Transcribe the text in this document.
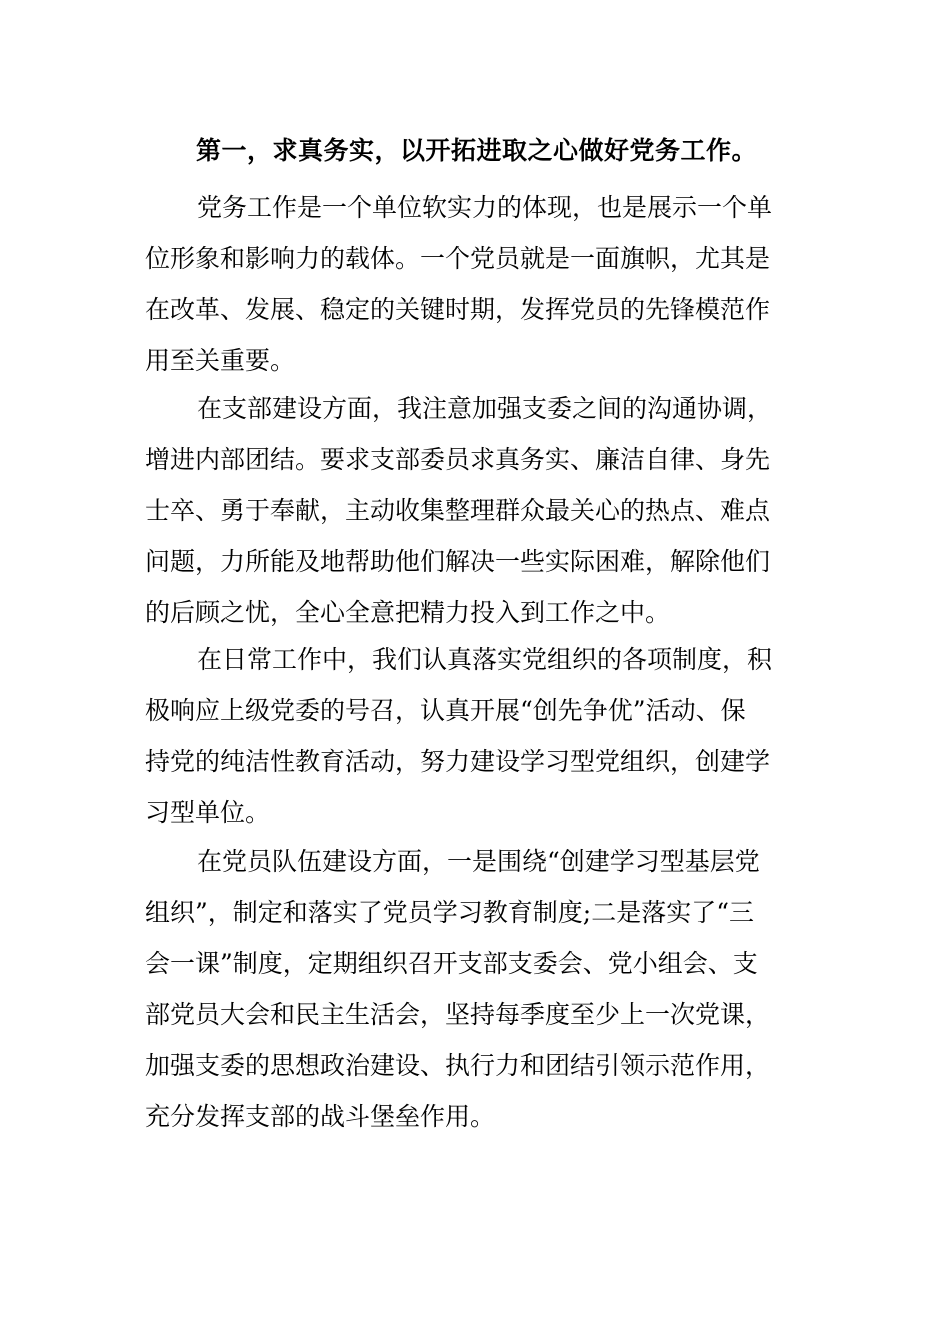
第一，求真务实，以开拓进取之心做好党务工作。
党务工作是一个单位软实力的体现，也是展示一个单
位形象和影响力的载体。一个党员就是一面旗帜，尤其是
在改革、发展、稳定的关键时期，发挥党员的先锋模范作
用至关重要。
在支部建设方面，我注意加强支委之间的沟通协调，
增进内部团结。要求支部委员求真务实、廉洁自律、身先
士卒、勇于奉献，主动收集整理群众最关心的热点、难点
问题，力所能及地帮助他们解决一些实际困难，解除他们
的后顾之忧，全心全意把精力投入到工作之中。
在日常工作中，我们认真落实党组织的各项制度，积
极响应上级党委的号召，认真开展“创先争优”活动、保
持党的纯洁性教育活动，努力建设学习型党组织，创建学
习型单位。
在党员队伍建设方面，一是围绕“创建学习型基层党
组织”，制定和落实了党员学习教育制度;二是落实了“三
会一课”制度，定期组织召开支部支委会、党小组会、支
部党员大会和民主生活会，坚持每季度至少上一次党课，
加强支委的思想政治建设、执行力和团结引领示范作用，
充分发挥支部的战斗堡垒作用。
